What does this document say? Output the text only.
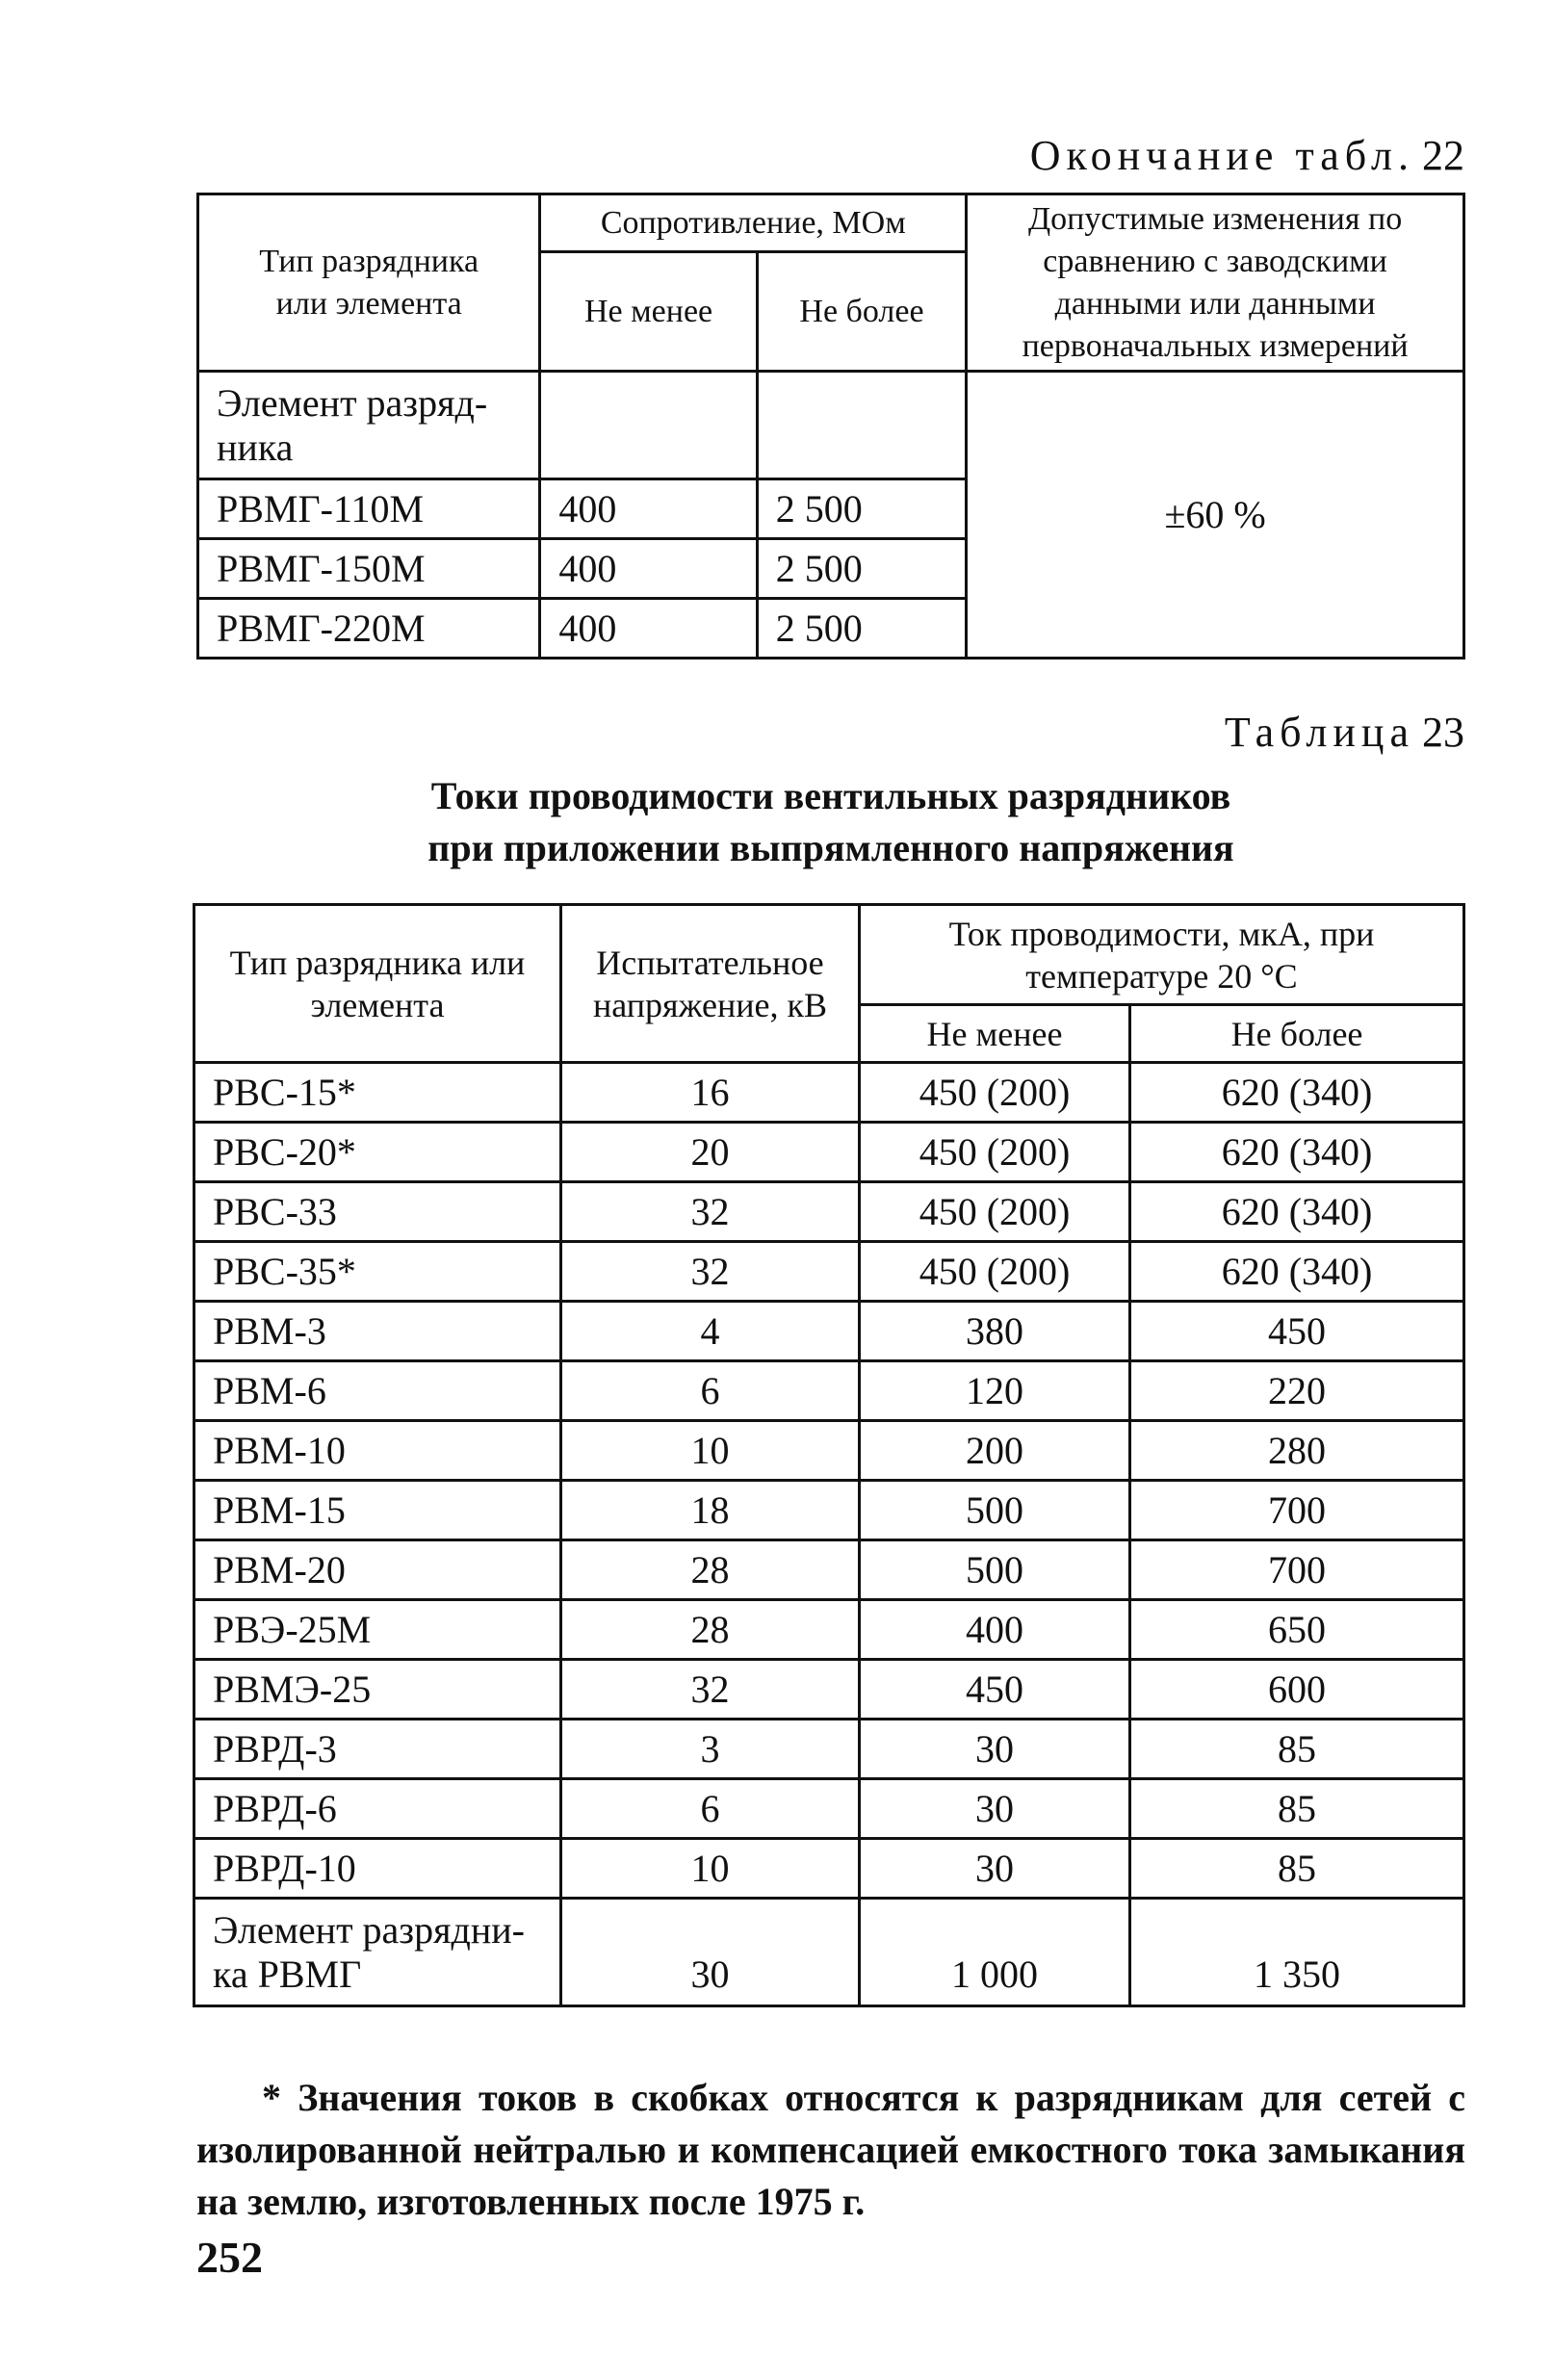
Окончание табл. 22
Тип разрядника или элемента	Сопротивление, МОм		Допустимые изменения по сравнению с заводскими данными или данными первоначальных измерений
	Не менее	Не более	
Элемент разряд-ника			±60 %
РВМГ-110М	400	2 500	
РВМГ-150М	400	2 500	
РВМГ-220М	400	2 500	
Таблица 23
Токи проводимости вентильных разрядников
при приложении выпрямленного напряжения
Тип разрядника или элемента	Испытательное напряжение, кВ	Ток проводимости, мкА, при температуре 20 °С	
		Не менее	Не более
РВС-15*	16	450 (200)	620 (340)
РВС-20*	20	450 (200)	620 (340)
РВС-33	32	450 (200)	620 (340)
РВС-35*	32	450 (200)	620 (340)
РВМ-3	4	380	450
РВМ-6	6	120	220
РВМ-10	10	200	280
РВМ-15	18	500	700
РВМ-20	28	500	700
РВЭ-25М	28	400	650
РВМЭ-25	32	450	600
РВРД-3	3	30	85
РВРД-6	6	30	85
РВРД-10	10	30	85
Элемент разрядни-ка РВМГ	30	1 000	1 350
* Значения токов в скобках относятся к разрядникам для сетей с изолированной нейтралью и компенсацией емкостного тока замыкания на землю, изготовленных после 1975 г.
252
